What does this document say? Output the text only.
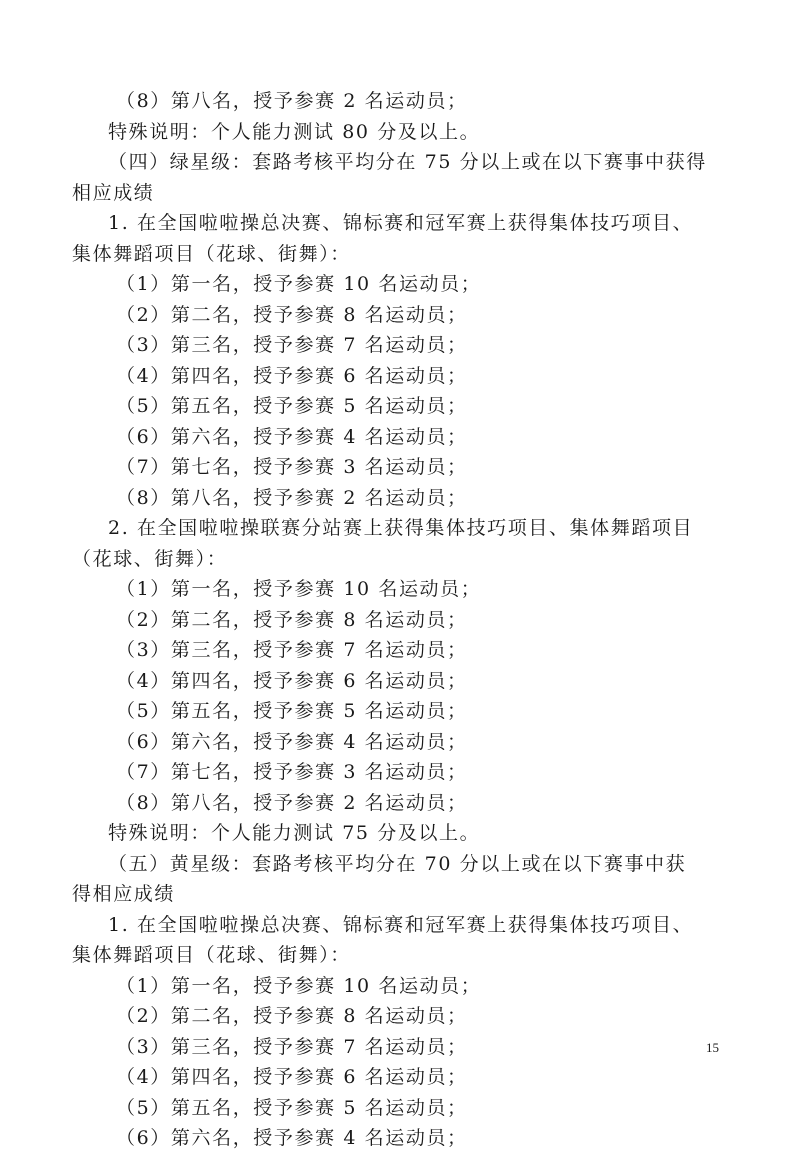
（8）第八名，授予参赛 2 名运动员；
特殊说明：个人能力测试 80 分及以上。
（四）绿星级：套路考核平均分在 75 分以上或在以下赛事中获得
相应成绩
1. 在全国啦啦操总决赛、锦标赛和冠军赛上获得集体技巧项目、
集体舞蹈项目（花球、街舞）：
（1）第一名，授予参赛 10 名运动员；
（2）第二名，授予参赛 8 名运动员；
（3）第三名，授予参赛 7 名运动员；
（4）第四名，授予参赛 6 名运动员；
（5）第五名，授予参赛 5 名运动员；
（6）第六名，授予参赛 4 名运动员；
（7）第七名，授予参赛 3 名运动员；
（8）第八名，授予参赛 2 名运动员；
2. 在全国啦啦操联赛分站赛上获得集体技巧项目、集体舞蹈项目
（花球、街舞）：
（1）第一名，授予参赛 10 名运动员；
（2）第二名，授予参赛 8 名运动员；
（3）第三名，授予参赛 7 名运动员；
（4）第四名，授予参赛 6 名运动员；
（5）第五名，授予参赛 5 名运动员；
（6）第六名，授予参赛 4 名运动员；
（7）第七名，授予参赛 3 名运动员；
（8）第八名，授予参赛 2 名运动员；
特殊说明：个人能力测试 75 分及以上。
（五）黄星级：套路考核平均分在 70 分以上或在以下赛事中获
得相应成绩
1. 在全国啦啦操总决赛、锦标赛和冠军赛上获得集体技巧项目、
集体舞蹈项目（花球、街舞）：
（1）第一名，授予参赛 10 名运动员；
（2）第二名，授予参赛 8 名运动员；
（3）第三名，授予参赛 7 名运动员；
（4）第四名，授予参赛 6 名运动员；
（5）第五名，授予参赛 5 名运动员；
（6）第六名，授予参赛 4 名运动员；
15
